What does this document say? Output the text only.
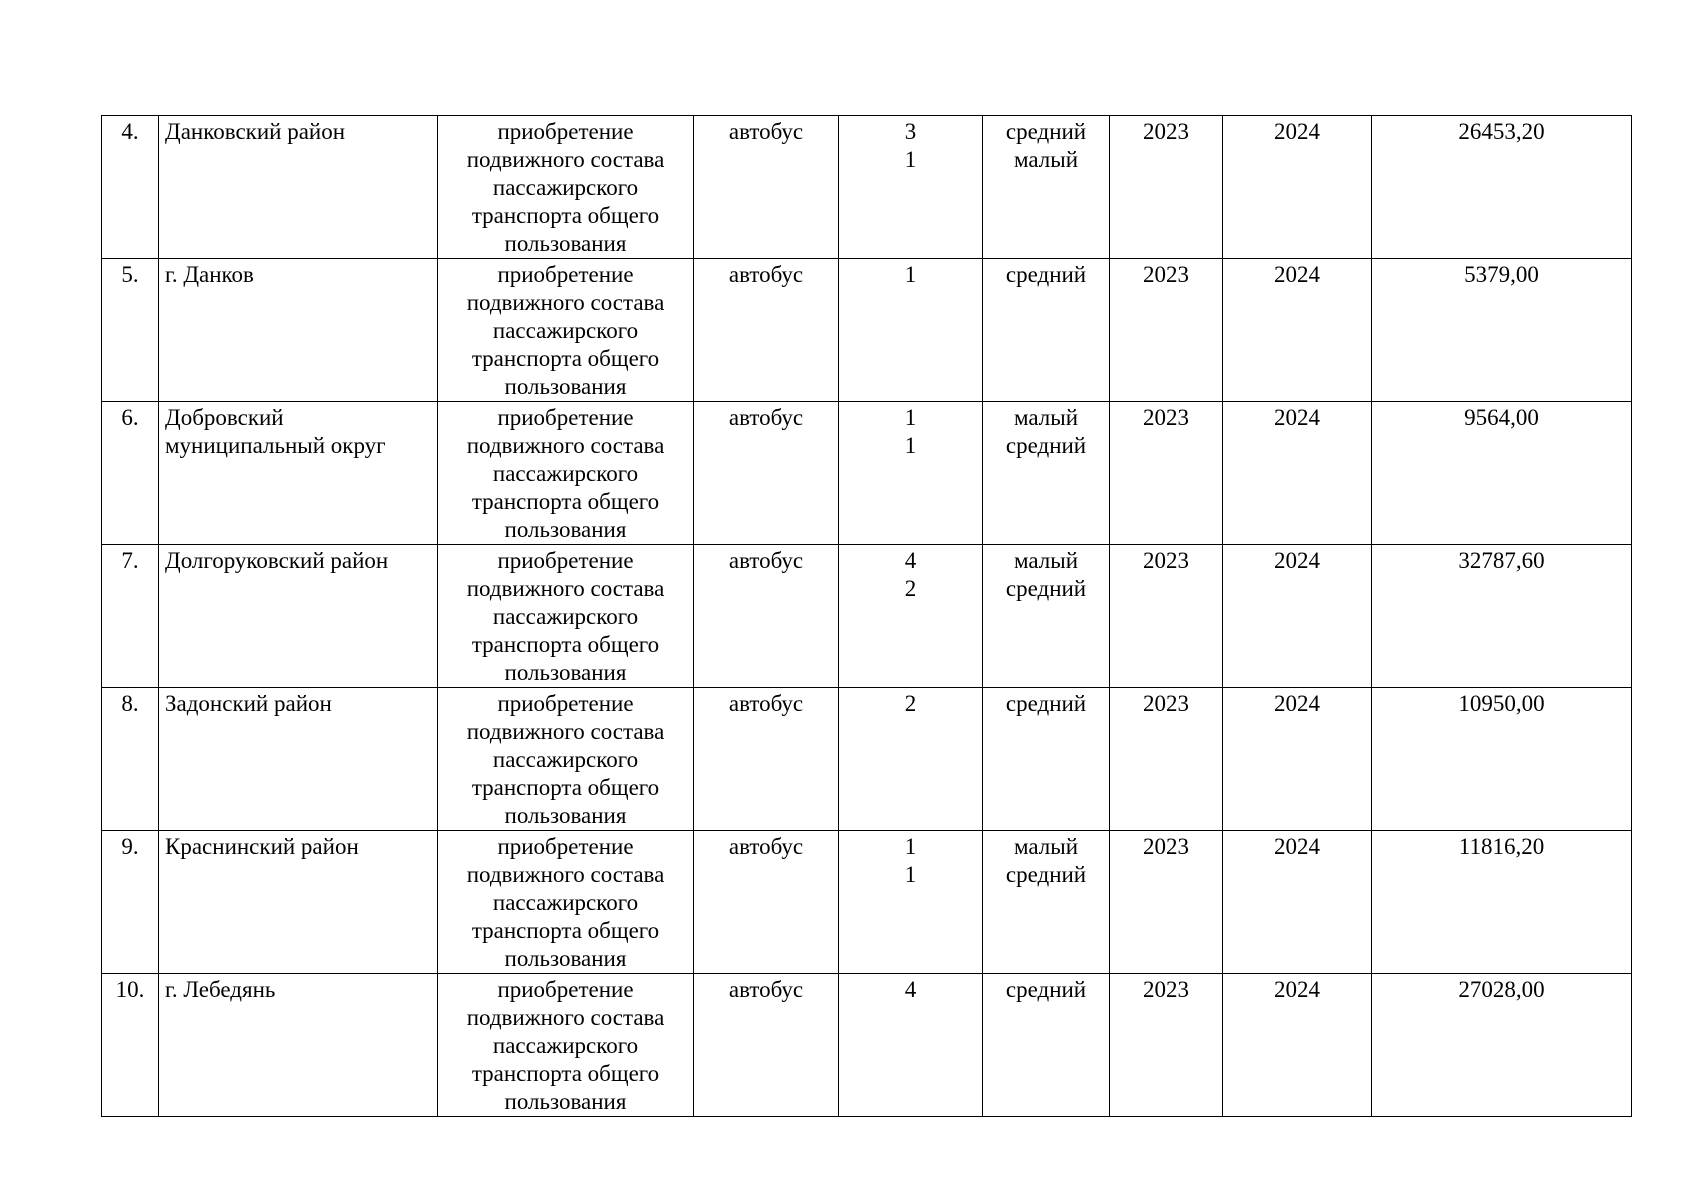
4.	Данковский район	приобретение
подвижного состава
пассажирского
транспорта общего
пользования	автобус	3
1	средний
малый	2023	2024	26453,20

5.	г. Данков	приобретение
подвижного состава
пассажирского
транспорта общего
пользования	автобус	1	средний	2023	2024	5379,00

6.	Добровский
муниципальный округ	приобретение
подвижного состава
пассажирского
транспорта общего
пользования	автобус	1
1	малый
средний	2023	2024	9564,00

7.	Долгоруковский район	приобретение
подвижного состава
пассажирского
транспорта общего
пользования	автобус	4
2	малый
средний	2023	2024	32787,60

8.	Задонский район	приобретение
подвижного состава
пассажирского
транспорта общего
пользования	автобус	2	средний	2023	2024	10950,00

9.	Краснинский район	приобретение
подвижного состава
пассажирского
транспорта общего
пользования	автобус	1
1	малый
средний	2023	2024	11816,20

10.	г. Лебедянь	приобретение
подвижного состава
пассажирского
транспорта общего
пользования	автобус	4	средний	2023	2024	27028,00
